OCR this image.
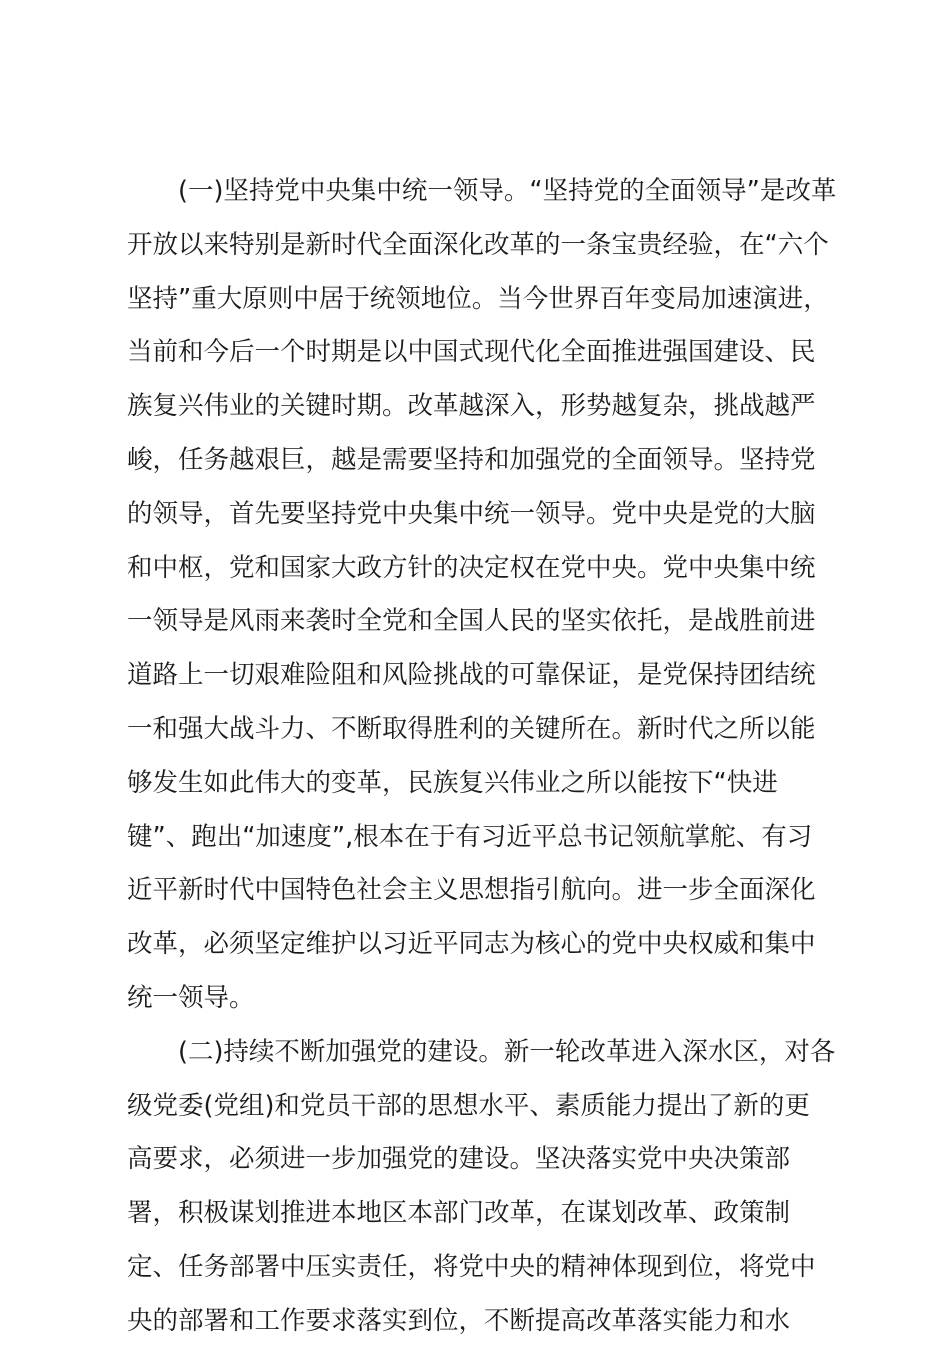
(一)坚持党中央集中统一领导。“坚持党的全面领导”是改革
开放以来特别是新时代全面深化改革的一条宝贵经验，在“六个
坚持”重大原则中居于统领地位。当今世界百年变局加速演进，
当前和今后一个时期是以中国式现代化全面推进强国建设、民
族复兴伟业的关键时期。改革越深入，形势越复杂，挑战越严
峻，任务越艰巨，越是需要坚持和加强党的全面领导。坚持党
的领导，首先要坚持党中央集中统一领导。党中央是党的大脑
和中枢，党和国家大政方针的决定权在党中央。党中央集中统
一领导是风雨来袭时全党和全国人民的坚实依托，是战胜前进
道路上一切艰难险阻和风险挑战的可靠保证，是党保持团结统
一和强大战斗力、不断取得胜利的关键所在。新时代之所以能
够发生如此伟大的变革，民族复兴伟业之所以能按下“快进
键”、跑出“加速度”,根本在于有习近平总书记领航掌舵、有习
近平新时代中国特色社会主义思想指引航向。进一步全面深化
改革，必须坚定维护以习近平同志为核心的党中央权威和集中
统一领导。
(二)持续不断加强党的建设。新一轮改革进入深水区，对各
级党委(党组)和党员干部的思想水平、素质能力提出了新的更
高要求，必须进一步加强党的建设。坚决落实党中央决策部
署，积极谋划推进本地区本部门改革，在谋划改革、政策制
定、任务部署中压实责任，将党中央的精神体现到位，将党中
央的部署和工作要求落实到位，不断提高改革落实能力和水
